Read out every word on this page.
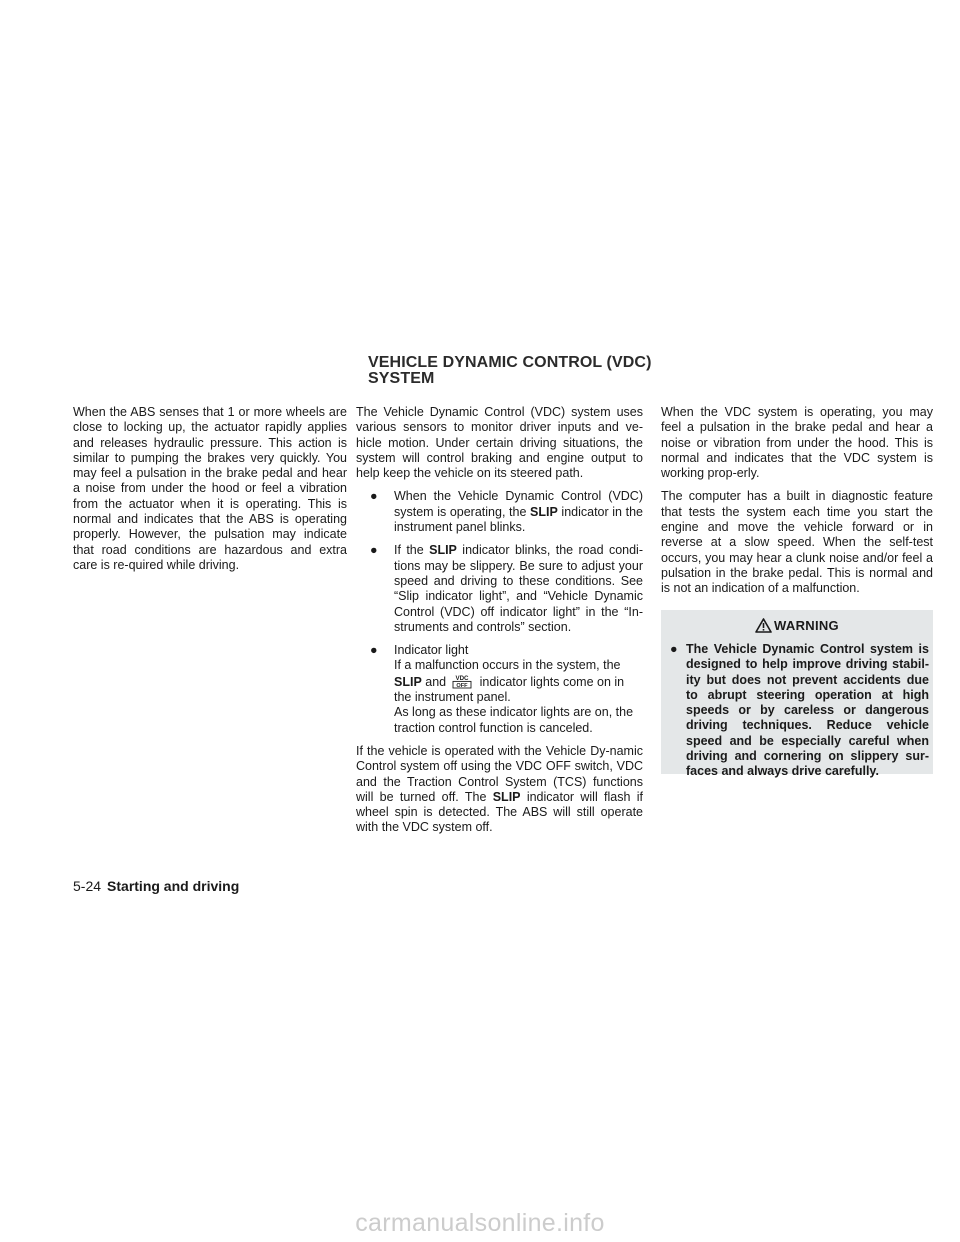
VEHICLE DYNAMIC CONTROL (VDC) SYSTEM

When the ABS senses that 1 or more wheels are close to locking up, the actuator rapidly applies and releases hydraulic pressure. This action is similar to pumping the brakes very quickly. You may feel a pulsation in the brake pedal and hear a noise from under the hood or feel a vibration from the actuator when it is operating. This is normal and indicates that the ABS is operating properly. However, the pulsation may indicate that road conditions are hazardous and extra care is re-quired while driving.

The Vehicle Dynamic Control (VDC) system uses various sensors to monitor driver inputs and ve-hicle motion. Under certain driving situations, the system will control braking and engine output to help keep the vehicle on its steered path.

● When the Vehicle Dynamic Control (VDC) system is operating, the SLIP indicator in the instrument panel blinks.
● If the SLIP indicator blinks, the road condi-tions may be slippery. Be sure to adjust your speed and driving to these conditions. See “Slip indicator light”, and “Vehicle Dynamic Control (VDC) off indicator light” in the “In-struments and controls” section.
● Indicator light
If a malfunction occurs in the system, the SLIP and VDC
OFF indicator lights come on in the instrument panel.
As long as these indicator lights are on, the traction control function is canceled.

If the vehicle is operated with the Vehicle Dy-namic Control system off using the VDC OFF switch, VDC and the Traction Control System (TCS) functions will be turned off. The SLIP indicator will flash if wheel spin is detected. The ABS will still operate with the VDC system off.

When the VDC system is operating, you may feel a pulsation in the brake pedal and hear a noise or vibration from under the hood. This is normal and indicates that the VDC system is working prop-erly.

The computer has a built in diagnostic feature that tests the system each time you start the engine and move the vehicle forward or in reverse at a slow speed. When the self-test occurs, you may hear a clunk noise and/or feel a pulsation in the brake pedal. This is normal and is not an indication of a malfunction.

WARNING
● The Vehicle Dynamic Control system is designed to help improve driving stabil-ity but does not prevent accidents due to abrupt steering operation at high speeds or by careless or dangerous driving techniques. Reduce vehicle speed and be especially careful when driving and cornering on slippery sur-faces and always drive carefully.
5-24 Starting and driving
carmanualsonline.info
